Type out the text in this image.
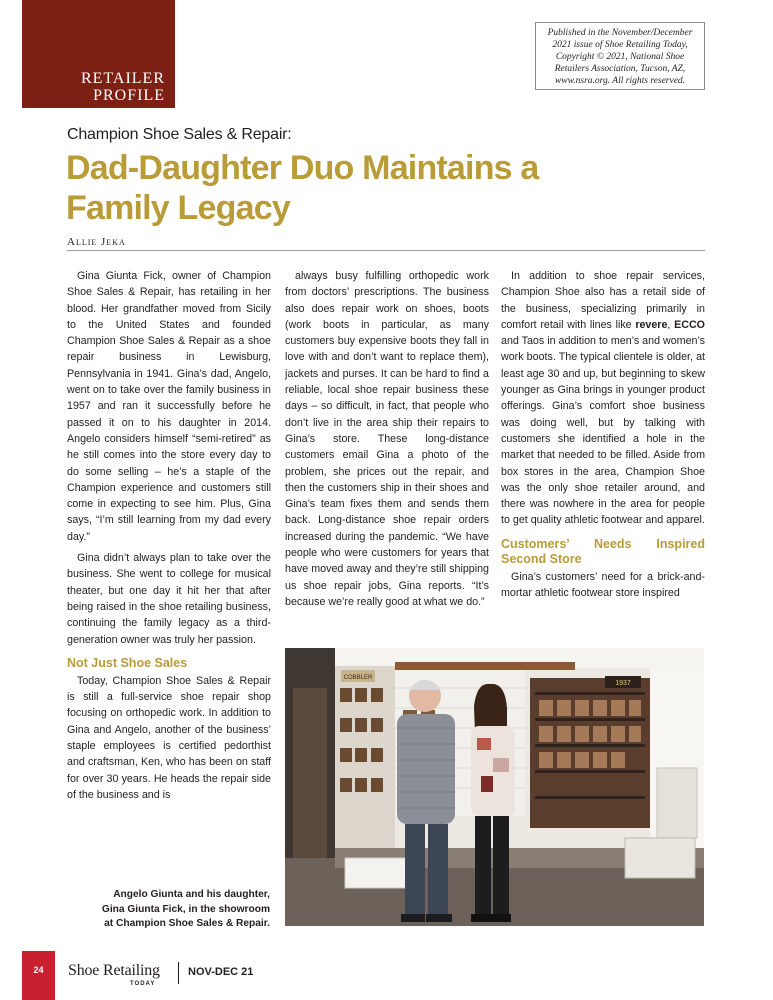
RETAILER
PROFILE
Published in the November/December 2021 issue of Shoe Retailing Today, Copyright © 2021, National Shoe Retailers Association, Tucson, AZ, www.nsra.org. All rights reserved.
Champion Shoe Sales & Repair:
Dad-Daughter Duo Maintains a
Family Legacy
Allie Jeka

Gina Giunta Fick, owner of Champion Shoe Sales & Repair, has retailing in her blood. Her grandfather moved from Sicily to the United States and founded Champion Shoe Sales & Repair as a shoe repair business in Lewisburg, Pennsylvania in 1941. Gina’s dad, Angelo, went on to take over the family business in 1957 and ran it successfully before he passed it on to his daughter in 2014. Angelo considers himself “semi-retired” as he still comes into the store every day to do some selling – he’s a staple of the Champion experience and customers still come in expecting to see him. Plus, Gina says, “I’m still learning from my dad every day.”

Gina didn’t always plan to take over the business. She went to college for musical theater, but one day it hit her that after being raised in the shoe retailing business, continuing the family legacy as a third-generation owner was truly her passion.

Not Just Shoe Sales

Today, Champion Shoe Sales & Repair is still a full-service shoe repair shop focusing on orthopedic work. In addition to Gina and Angelo, another of the business’ staple employees is certified pedorthist and craftsman, Ken, who has been on staff for over 30 years. He heads the repair side of the business and is

always busy fulfilling orthopedic work from doctors’ prescriptions. The business also does repair work on shoes, boots (work boots in particular, as many customers buy expensive boots they fall in love with and don’t want to replace them), jackets and purses. It can be hard to find a reliable, local shoe repair business these days – so difficult, in fact, that people who don’t live in the area ship their repairs to Gina’s store. These long-distance customers email Gina a photo of the problem, she prices out the repair, and then the customers ship in their shoes and Gina’s team fixes them and sends them back. Long-distance shoe repair orders increased during the pandemic. “We have people who were customers for years that have moved away and they’re still shipping us shoe repair jobs, Gina reports. “It’s because we’re really good at what we do.”

In addition to shoe repair services, Champion Shoe also has a retail side of the business, specializing primarily in comfort retail with lines like revere, ECCO and Taos in addition to men’s and women’s work boots. The typical clientele is older, at least age 30 and up, but beginning to skew younger as Gina brings in younger product offerings. Gina’s comfort shoe business was doing well, but by talking with customers she identified a hole in the market that needed to be filled. Aside from box stores in the area, Champion Shoe was the only shoe retailer around, and there was nowhere in the area for people to get quality athletic footwear and apparel.

Customers’ Needs Inspired Second Store

Gina’s customers’ need for a brick-and-mortar athletic footwear store inspired

COBBLER
1937
Angelo Giunta and his daughter,
Gina Giunta Fick, in the showroom
at Champion Shoe Sales & Repair.
24	Shoe Retailing
TODAY
NOV-DEC 21
